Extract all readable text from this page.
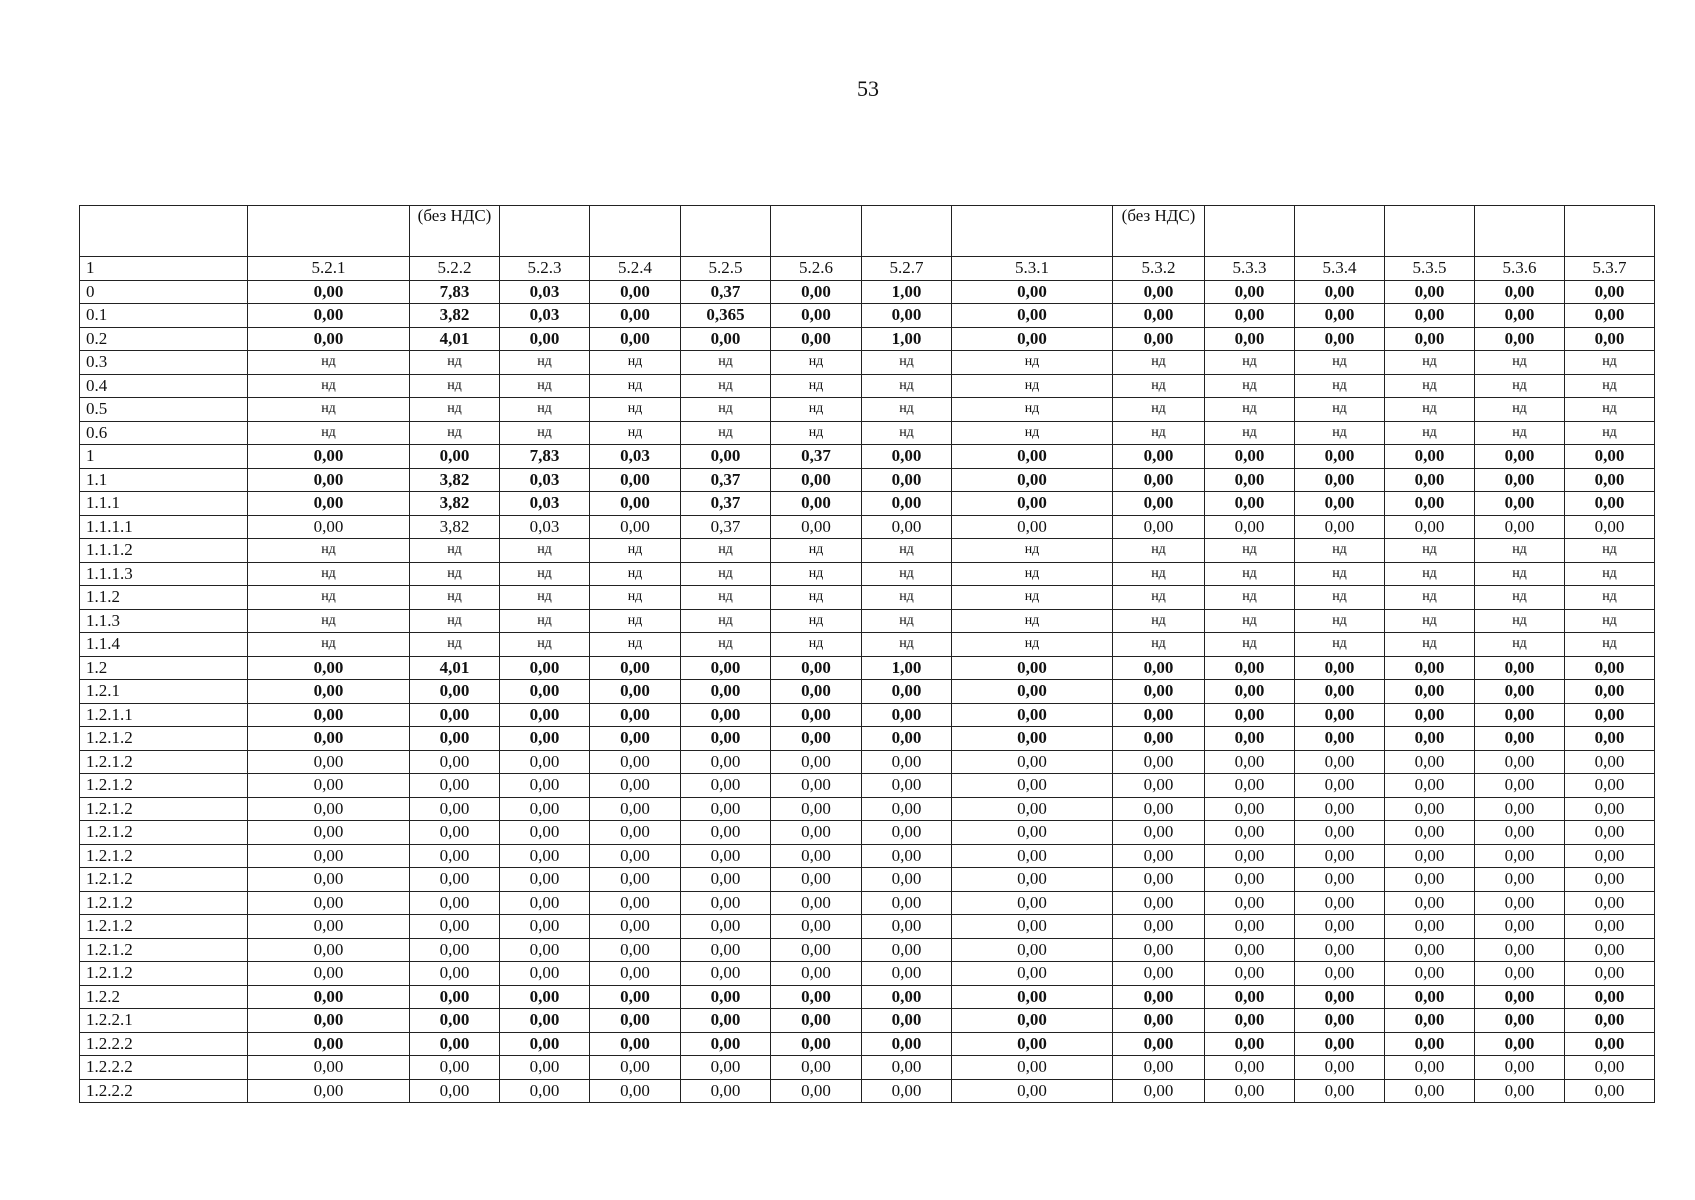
53
		(без НДС)							(без НДС)					
1	5.2.1	5.2.2	5.2.3	5.2.4	5.2.5	5.2.6	5.2.7	5.3.1	5.3.2	5.3.3	5.3.4	5.3.5	5.3.6	5.3.7
0	0,00	7,83	0,03	0,00	0,37	0,00	1,00	0,00	0,00	0,00	0,00	0,00	0,00	0,00
0.1	0,00	3,82	0,03	0,00	0,365	0,00	0,00	0,00	0,00	0,00	0,00	0,00	0,00	0,00
0.2	0,00	4,01	0,00	0,00	0,00	0,00	1,00	0,00	0,00	0,00	0,00	0,00	0,00	0,00
0.3	нд	нд	нд	нд	нд	нд	нд	нд	нд	нд	нд	нд	нд	нд
0.4	нд	нд	нд	нд	нд	нд	нд	нд	нд	нд	нд	нд	нд	нд
0.5	нд	нд	нд	нд	нд	нд	нд	нд	нд	нд	нд	нд	нд	нд
0.6	нд	нд	нд	нд	нд	нд	нд	нд	нд	нд	нд	нд	нд	нд
1	0,00	0,00	7,83	0,03	0,00	0,37	0,00	0,00	0,00	0,00	0,00	0,00	0,00	0,00
1.1	0,00	3,82	0,03	0,00	0,37	0,00	0,00	0,00	0,00	0,00	0,00	0,00	0,00	0,00
1.1.1	0,00	3,82	0,03	0,00	0,37	0,00	0,00	0,00	0,00	0,00	0,00	0,00	0,00	0,00
1.1.1.1	0,00	3,82	0,03	0,00	0,37	0,00	0,00	0,00	0,00	0,00	0,00	0,00	0,00	0,00
1.1.1.2	нд	нд	нд	нд	нд	нд	нд	нд	нд	нд	нд	нд	нд	нд
1.1.1.3	нд	нд	нд	нд	нд	нд	нд	нд	нд	нд	нд	нд	нд	нд
1.1.2	нд	нд	нд	нд	нд	нд	нд	нд	нд	нд	нд	нд	нд	нд
1.1.3	нд	нд	нд	нд	нд	нд	нд	нд	нд	нд	нд	нд	нд	нд
1.1.4	нд	нд	нд	нд	нд	нд	нд	нд	нд	нд	нд	нд	нд	нд
1.2	0,00	4,01	0,00	0,00	0,00	0,00	1,00	0,00	0,00	0,00	0,00	0,00	0,00	0,00
1.2.1	0,00	0,00	0,00	0,00	0,00	0,00	0,00	0,00	0,00	0,00	0,00	0,00	0,00	0,00
1.2.1.1	0,00	0,00	0,00	0,00	0,00	0,00	0,00	0,00	0,00	0,00	0,00	0,00	0,00	0,00
1.2.1.2	0,00	0,00	0,00	0,00	0,00	0,00	0,00	0,00	0,00	0,00	0,00	0,00	0,00	0,00
1.2.1.2	0,00	0,00	0,00	0,00	0,00	0,00	0,00	0,00	0,00	0,00	0,00	0,00	0,00	0,00
1.2.1.2	0,00	0,00	0,00	0,00	0,00	0,00	0,00	0,00	0,00	0,00	0,00	0,00	0,00	0,00
1.2.1.2	0,00	0,00	0,00	0,00	0,00	0,00	0,00	0,00	0,00	0,00	0,00	0,00	0,00	0,00
1.2.1.2	0,00	0,00	0,00	0,00	0,00	0,00	0,00	0,00	0,00	0,00	0,00	0,00	0,00	0,00
1.2.1.2	0,00	0,00	0,00	0,00	0,00	0,00	0,00	0,00	0,00	0,00	0,00	0,00	0,00	0,00
1.2.1.2	0,00	0,00	0,00	0,00	0,00	0,00	0,00	0,00	0,00	0,00	0,00	0,00	0,00	0,00
1.2.1.2	0,00	0,00	0,00	0,00	0,00	0,00	0,00	0,00	0,00	0,00	0,00	0,00	0,00	0,00
1.2.1.2	0,00	0,00	0,00	0,00	0,00	0,00	0,00	0,00	0,00	0,00	0,00	0,00	0,00	0,00
1.2.1.2	0,00	0,00	0,00	0,00	0,00	0,00	0,00	0,00	0,00	0,00	0,00	0,00	0,00	0,00
1.2.1.2	0,00	0,00	0,00	0,00	0,00	0,00	0,00	0,00	0,00	0,00	0,00	0,00	0,00	0,00
1.2.2	0,00	0,00	0,00	0,00	0,00	0,00	0,00	0,00	0,00	0,00	0,00	0,00	0,00	0,00
1.2.2.1	0,00	0,00	0,00	0,00	0,00	0,00	0,00	0,00	0,00	0,00	0,00	0,00	0,00	0,00
1.2.2.2	0,00	0,00	0,00	0,00	0,00	0,00	0,00	0,00	0,00	0,00	0,00	0,00	0,00	0,00
1.2.2.2	0,00	0,00	0,00	0,00	0,00	0,00	0,00	0,00	0,00	0,00	0,00	0,00	0,00	0,00
1.2.2.2	0,00	0,00	0,00	0,00	0,00	0,00	0,00	0,00	0,00	0,00	0,00	0,00	0,00	0,00
